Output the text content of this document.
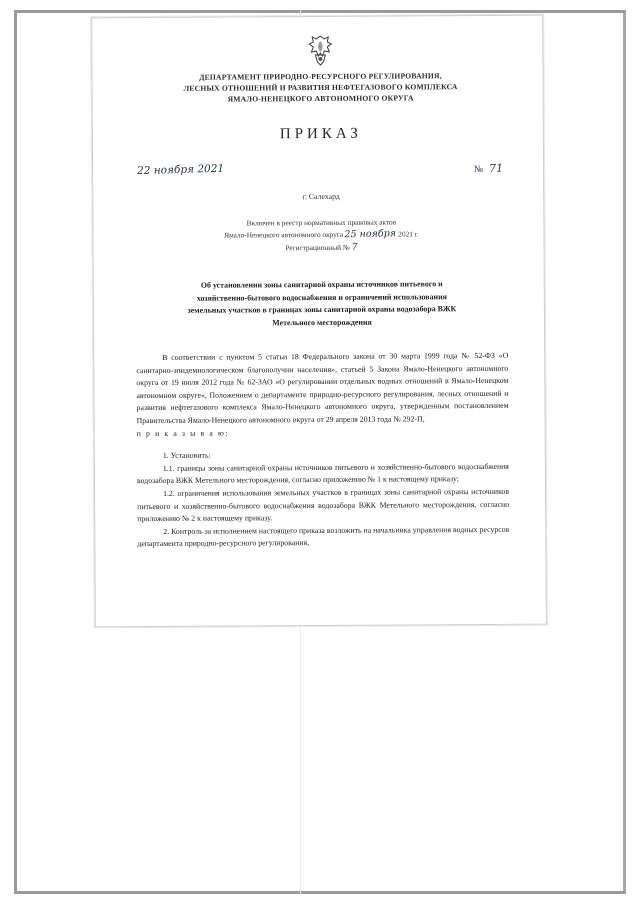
ДЕПАРТАМЕНТ ПРИРОДНО-РЕСУРСНОГО РЕГУЛИРОВАНИЯ,
ЛЕСНЫХ ОТНОШЕНИЙ И РАЗВИТИЯ НЕФТЕГАЗОВОГО КОМПЛЕКСА
ЯМАЛО-НЕНЕЦКОГО АВТОНОМНОГО ОКРУГА
ПРИКАЗ
22 ноября 2021	№ 71
г. Салехард
Включен в реестр нормативных правовых актов
Ямало-Ненецкого автономного округа 25 ноября 2021 г.
Регистрационный № 7
Об установлении зоны санитарной охраны источников питьевого и
хозяйственно-бытового водоснабжения и ограничений использования
земельных участков в границах зоны санитарной охраны водозабора ВЖК
Метельного месторождения

В соответствии с пунктом 5 статьи 18 Федерального закона от 30 марта 1999 года № 52-ФЗ «О санитарно-эпидемиологическом благополучии населения», статьей 5 Закона Ямало-Ненецкого автономного округа от 19 июля 2012 года № 62-ЗАО «О регулировании отдельных водных отношений в Ямало-Ненецком автономном округе», Положением о департаменте природно-ресурсного регулирования, лесных отношений и развития нефтегазового комплекса Ямало-Ненецкого автономного округа, утвержденным постановлением Правительства Ямало-Ненецкого автономного округа от 29 апреля 2013 года № 292-П,

п р и к а з ы в а ю:

1. Установить:

1.1. границы зоны санитарной охраны источников питьевого и хозяйственно-бытового водоснабжения водозабора ВЖК Метельного месторождения, согласно приложению № 1 к настоящему приказу;

1.2. ограничения использования земельных участков в границах зоны санитарной охраны источников питьевого и хозяйственно-бытового водоснабжения водозабора ВЖК Метельного месторождения, согласно приложению № 2 к настоящему приказу.

2. Контроль за исполнением настоящего приказа возложить на начальника управления водных ресурсов департамента природно-ресурсного регулирования,
